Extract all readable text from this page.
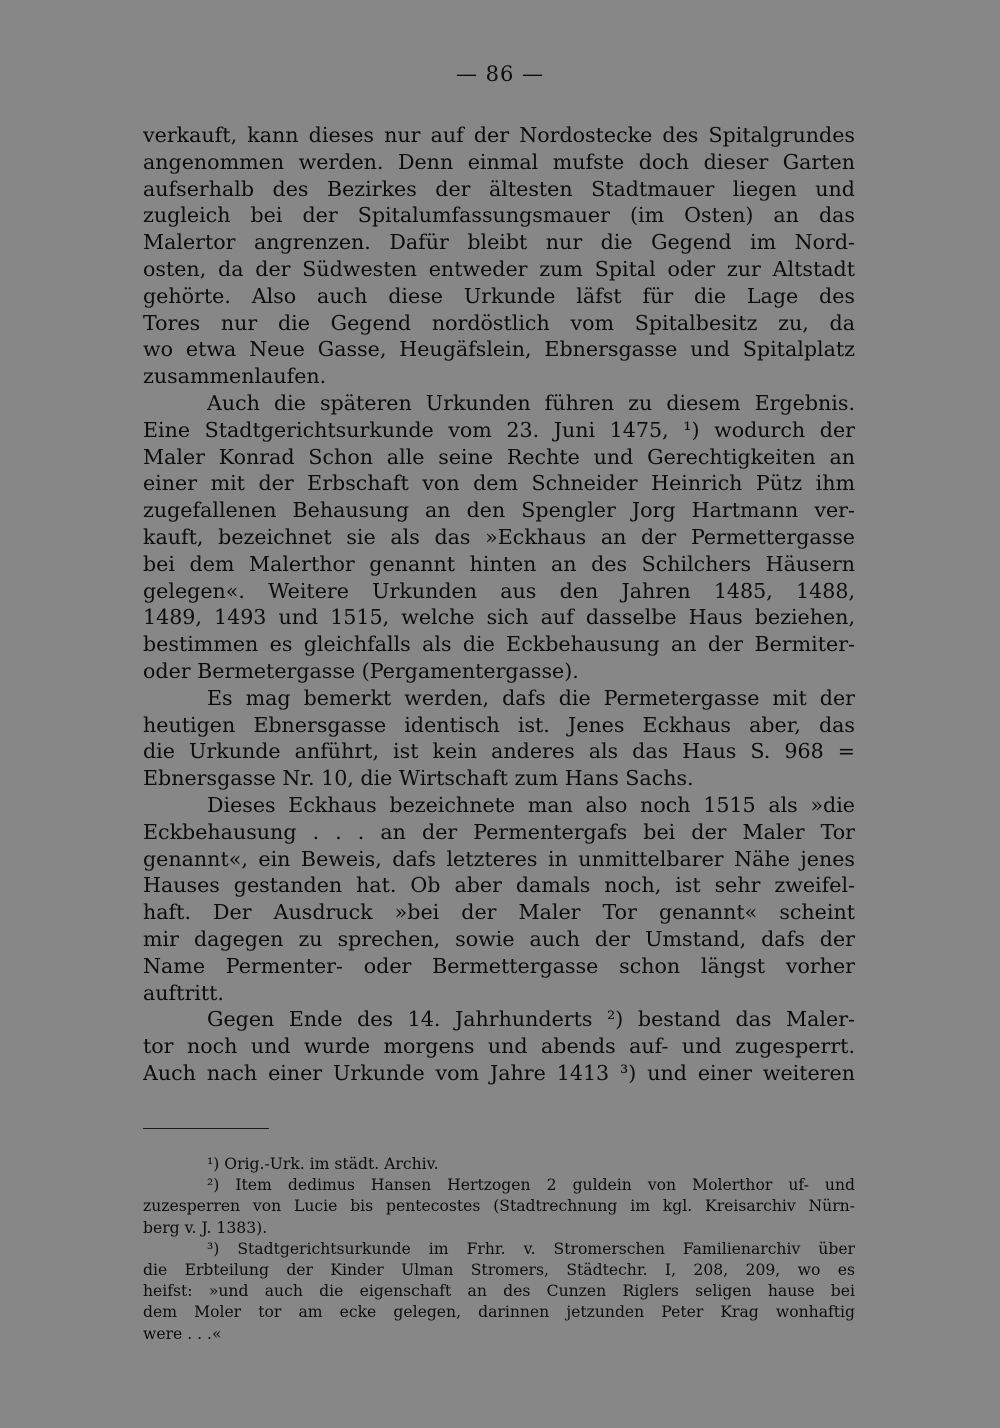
— 86 —
verkauft, kann dieses nur auf der Nordostecke des Spitalgrundes
angenommen werden. Denn einmal mufste doch dieser Garten
aufserhalb des Bezirkes der ältesten Stadtmauer liegen und
zugleich bei der Spitalumfassungsmauer (im Osten) an das
Malertor angrenzen. Dafür bleibt nur die Gegend im Nord-
osten, da der Südwesten entweder zum Spital oder zur Altstadt
gehörte. Also auch diese Urkunde läfst für die Lage des
Tores nur die Gegend nordöstlich vom Spitalbesitz zu, da
wo etwa Neue Gasse, Heugäfslein, Ebnersgasse und Spitalplatz
zusammenlaufen.
Auch die späteren Urkunden führen zu diesem Ergebnis.
Eine Stadtgerichtsurkunde vom 23. Juni 1475, ¹) wodurch der
Maler Konrad Schon alle seine Rechte und Gerechtigkeiten an
einer mit der Erbschaft von dem Schneider Heinrich Pütz ihm
zugefallenen Behausung an den Spengler Jorg Hartmann ver-
kauft, bezeichnet sie als das »Eckhaus an der Permettergasse
bei dem Malerthor genannt hinten an des Schilchers Häusern
gelegen«. Weitere Urkunden aus den Jahren 1485, 1488,
1489, 1493 und 1515, welche sich auf dasselbe Haus beziehen,
bestimmen es gleichfalls als die Eckbehausung an der Bermiter-
oder Bermetergasse (Pergamentergasse).
Es mag bemerkt werden, dafs die Permetergasse mit der
heutigen Ebnersgasse identisch ist. Jenes Eckhaus aber, das
die Urkunde anführt, ist kein anderes als das Haus S. 968 =
Ebnersgasse Nr. 10, die Wirtschaft zum Hans Sachs.
Dieses Eckhaus bezeichnete man also noch 1515 als »die
Eckbehausung . . . an der Permentergafs bei der Maler Tor
genannt«, ein Beweis, dafs letzteres in unmittelbarer Nähe jenes
Hauses gestanden hat. Ob aber damals noch, ist sehr zweifel-
haft. Der Ausdruck »bei der Maler Tor genannt« scheint
mir dagegen zu sprechen, sowie auch der Umstand, dafs der
Name Permenter- oder Bermettergasse schon längst vorher
auftritt.
Gegen Ende des 14. Jahrhunderts ²) bestand das Maler-
tor noch und wurde morgens und abends auf- und zugesperrt.
Auch nach einer Urkunde vom Jahre 1413 ³) und einer weiteren
¹) Orig.-Urk. im städt. Archiv.
²) Item dedimus Hansen Hertzogen 2 guldein von Molerthor uf- und
zuzesperren von Lucie bis pentecostes (Stadtrechnung im kgl. Kreisarchiv Nürn-
berg v. J. 1383).
³) Stadtgerichtsurkunde im Frhr. v. Stromerschen Familienarchiv über
die Erbteilung der Kinder Ulman Stromers, Städtechr. I, 208, 209, wo es
heifst: »und auch die eigenschaft an des Cunzen Riglers seligen hause bei
dem Moler tor am ecke gelegen, darinnen jetzunden Peter Krag wonhaftig
were . . .«
